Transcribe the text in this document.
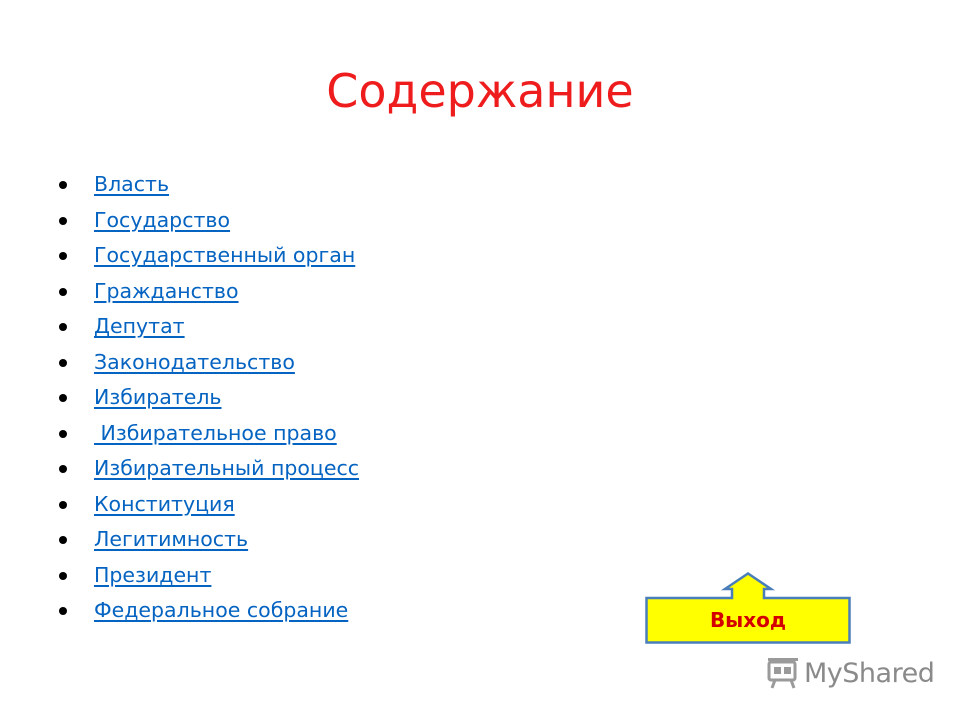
Содержание
Власть
Государство
Государственный орган
Гражданство
Депутат
Законодательство
Избиратель
Избирательное право
Избирательный процесс
Конституция
Легитимность
Президент
Федеральное собрание	Выход
MyShared
